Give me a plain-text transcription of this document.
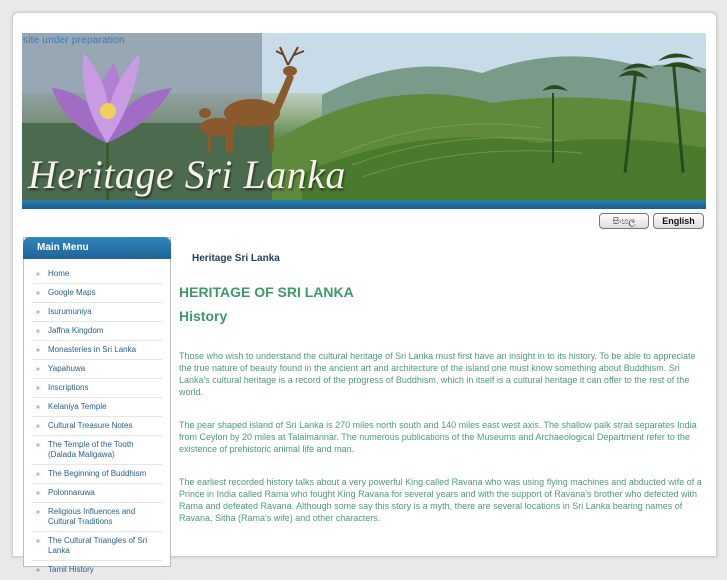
Heritage Sri Lanka
site under preparation
සිංහල	English
Main Menu
» Home
» Google Maps
» Isurumuniya
» Jaffna Kingdom
» Monasteries in Sri Lanka
» Yapahuwa
» Inscriptions
» Kelaniya Temple
» Cultural Treasure Notes
» The Temple of the Tooth (Dalada Maligawa)
» The Beginning of Buddhism
» Polonnaruwa
» Religious Influences and Cultural Traditions
» The Cultural Triangles of Sri Lanka
» Tamil History
Heritage Sri Lanka
HERITAGE OF SRI LANKA
History

Those who wish to understand the cultural heritage of Sri Lanka must first have an insight in to its history. To be able to appreciate the true nature of beauty found in the ancient art and architecture of the island one must know something about Buddhism. Sri Lanka's cultural heritage is a record of the progress of Buddhism, which in itself is a cultural heritage it can offer to the rest of the world.

The pear shaped island of Sri Lanka is 270 miles north south and 140 miles east west axis. The shallow palk strait separates India from Ceylon by 20 miles at Talaimannar. The numerous publications of the Museums and Archaeological Department refer to the existence of prehistoric animal life and man.

The earliest recorded history talks about a very powerful King called Ravana who was using flying machines and abducted wife of a Prince in India called Rama who fought King Ravana for several years and with the support of Ravana's brother who defected with Rama and defeated Ravana. Although some say this story is a myth, there are several locations in Sri Lanka bearing names of Ravana, Sitha (Rama's wife) and other characters.
